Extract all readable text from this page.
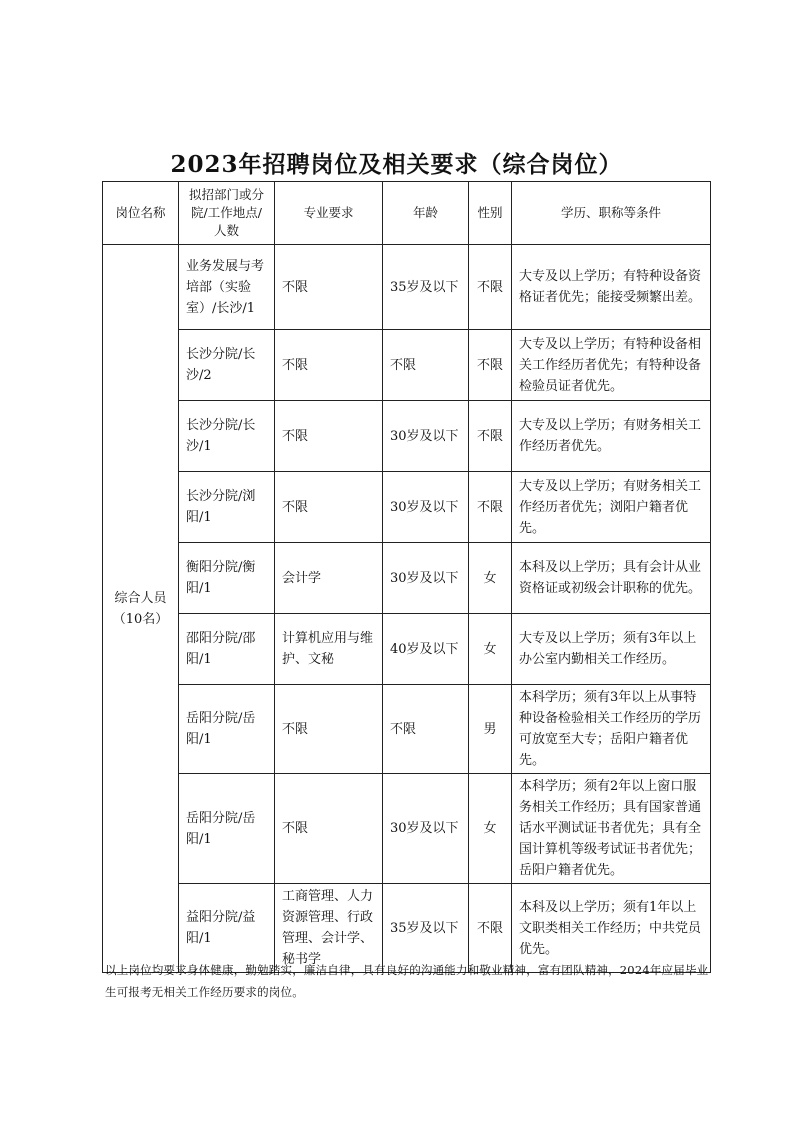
2023年招聘岗位及相关要求（综合岗位）
岗位名称	拟招部门或分院/工作地点/人数	专业要求	年龄	性别	学历、职称等条件
综合人员（10名）	业务发展与考培部（实验室）/长沙/1	不限	35岁及以下	不限	大专及以上学历；有特种设备资格证者优先；能接受频繁出差。
	长沙分院/长沙/2	不限	不限	不限	大专及以上学历；有特种设备相关工作经历者优先；有特种设备检验员证者优先。
	长沙分院/长沙/1	不限	30岁及以下	不限	大专及以上学历；有财务相关工作经历者优先。
	长沙分院/浏阳/1	不限	30岁及以下	不限	大专及以上学历；有财务相关工作经历者优先；浏阳户籍者优先。
	衡阳分院/衡阳/1	会计学	30岁及以下	女	本科及以上学历；具有会计从业资格证或初级会计职称的优先。
	邵阳分院/邵阳/1	计算机应用与维护、文秘	40岁及以下	女	大专及以上学历；须有3年以上办公室内勤相关工作经历。
	岳阳分院/岳阳/1	不限	不限	男	本科学历；须有3年以上从事特种设备检验相关工作经历的学历可放宽至大专；岳阳户籍者优先。
	岳阳分院/岳阳/1	不限	30岁及以下	女	本科学历；须有2年以上窗口服务相关工作经历；具有国家普通话水平测试证书者优先；具有全国计算机等级考试证书者优先；岳阳户籍者优先。
	益阳分院/益阳/1	工商管理、人力资源管理、行政管理、会计学、秘书学	35岁及以下	不限	本科及以上学历；须有1年以上文职类相关工作经历；中共党员优先。
以上岗位均要求身体健康，勤勉踏实，廉洁自律，具有良好的沟通能力和敬业精神，富有团队精神，2024年应届毕业生可报考无相关工作经历要求的岗位。
